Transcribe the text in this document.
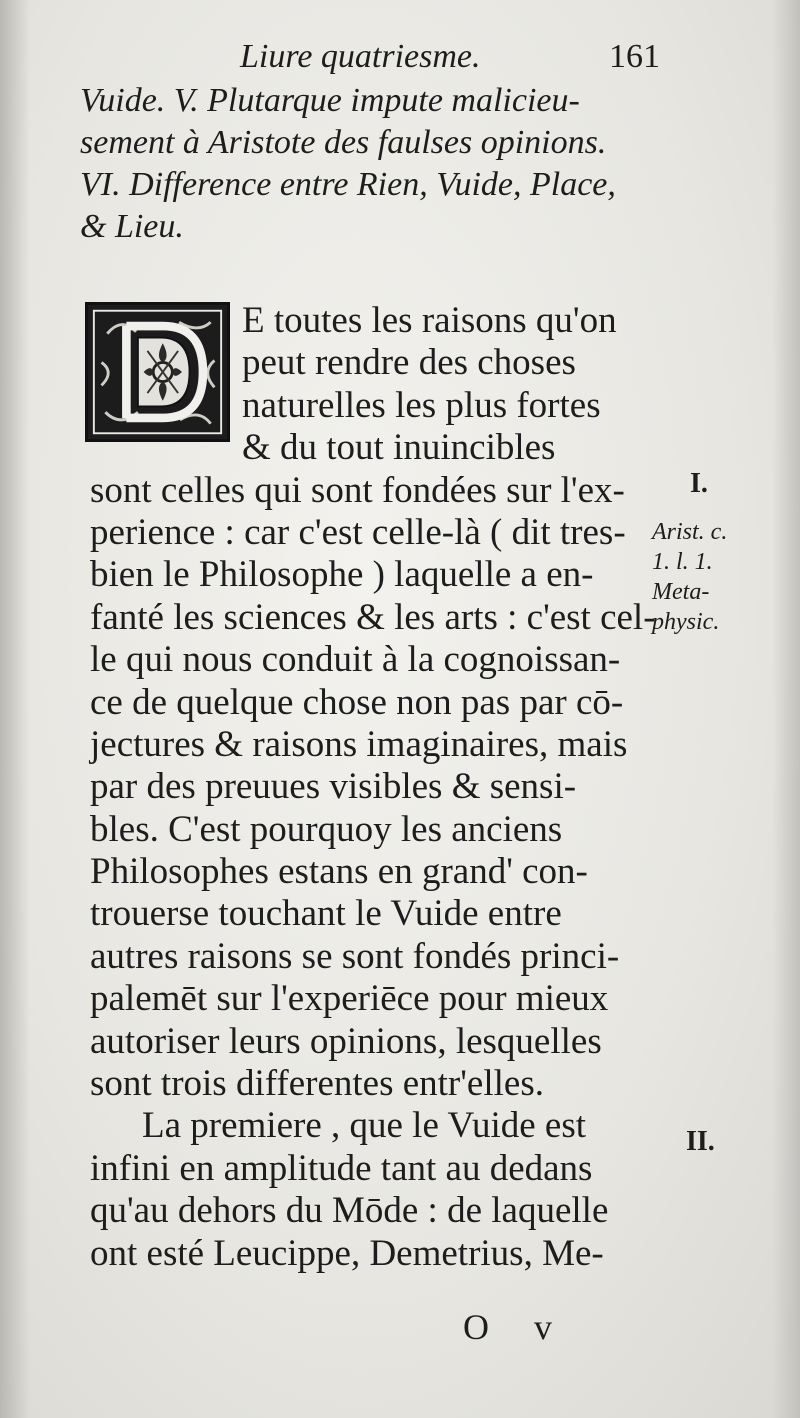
Liure quatriesme.	161
Vuide. V. Plutarque impute malicieu-
sement à Aristote des faulses opinions.
VI. Difference entre Rien, Vuide, Place,
& Lieu.
E toutes les raisons qu'on
peut rendre des choses
naturelles les plus fortes
& du tout inuincibles
sont celles qui sont fondées sur l'ex-
perience : car c'est celle-là ( dit tres-
bien le Philosophe ) laquelle a en-
fanté les sciences & les arts : c'est cel-
le qui nous conduit à la cognoissan-
ce de quelque chose non pas par cō-
jectures & raisons imaginaires, mais
par des preuues visibles & sensi-
bles. C'est pourquoy les anciens
Philosophes estans en grand' con-
trouerse touchant le Vuide entre
autres raisons se sont fondés princi-
palemēt sur l'experiēce pour mieux
autoriser leurs opinions, lesquelles
sont trois differentes entr'elles.
La premiere , que le Vuide est
infini en amplitude tant au dedans
qu'au dehors du Mōde : de laquelle
ont esté Leucippe, Demetrius, Me-
I.
Arist. c.
1. l. 1.
Meta-
physic.
II.
O v
